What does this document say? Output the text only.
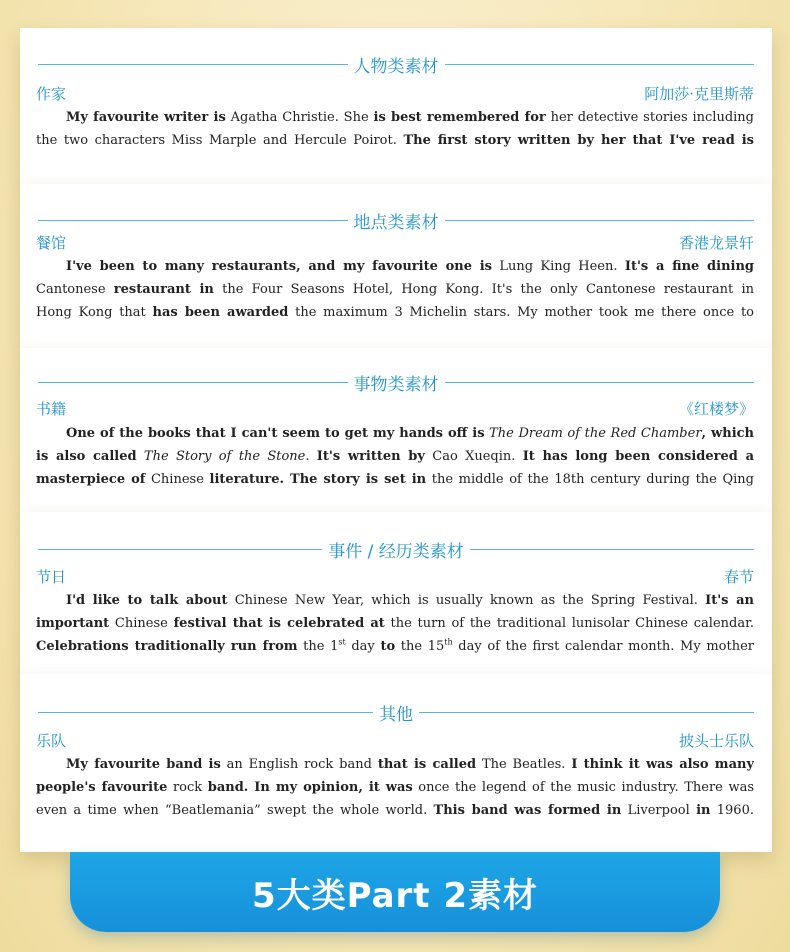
人物类素材
作家	阿加莎·克里斯蒂
My favourite writer is Agatha Christie. She is best remembered for her detective stories including
the two characters Miss Marple and Hercule Poirot. The first story written by her that I've read is
地点类素材
餐馆	香港龙景轩
I've been to many restaurants, and my favourite one is Lung King Heen. It's a fine dining
Cantonese restaurant in the Four Seasons Hotel, Hong Kong. It's the only Cantonese restaurant in
Hong Kong that has been awarded the maximum 3 Michelin stars. My mother took me there once to
事物类素材
书籍	《红楼梦》
One of the books that I can't seem to get my hands off is The Dream of the Red Chamber, which
is also called The Story of the Stone. It's written by Cao Xueqin. It has long been considered a
masterpiece of Chinese literature. The story is set in the middle of the 18th century during the Qing
事件 / 经历类素材
节日	春节
I'd like to talk about Chinese New Year, which is usually known as the Spring Festival. It's an
important Chinese festival that is celebrated at the turn of the traditional lunisolar Chinese calendar.
Celebrations traditionally run from the 1st day to the 15th day of the first calendar month. My mother
其他
乐队	披头士乐队
My favourite band is an English rock band that is called The Beatles. I think it was also many
people's favourite rock band. In my opinion, it was once the legend of the music industry. There was
even a time when “Beatlemania” swept the whole world. This band was formed in Liverpool in 1960.
5大类Part 2素材
